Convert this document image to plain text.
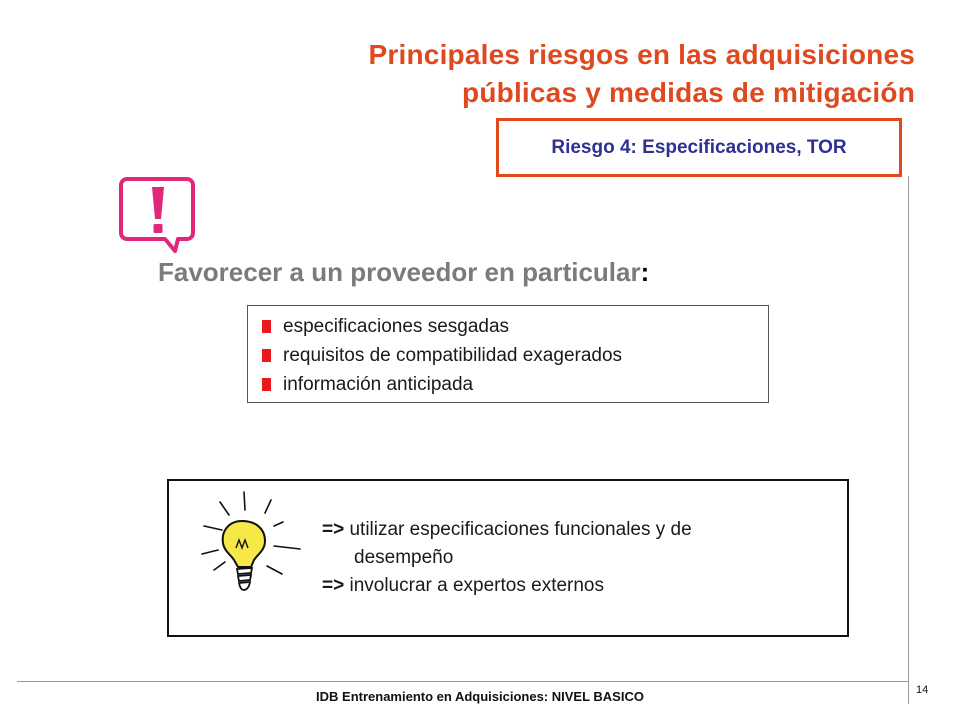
Principales riesgos en las adquisiciones
públicas y medidas de mitigación
Riesgo 4: Especificaciones, TOR
Favorecer a un proveedor en particular:
especificaciones sesgadas
requisitos de compatibilidad exagerados
información anticipada
=> utilizar especificaciones funcionales y de
desempeño
=> involucrar a expertos externos
IDB Entrenamiento en Adquisiciones: NIVEL BASICO	14
